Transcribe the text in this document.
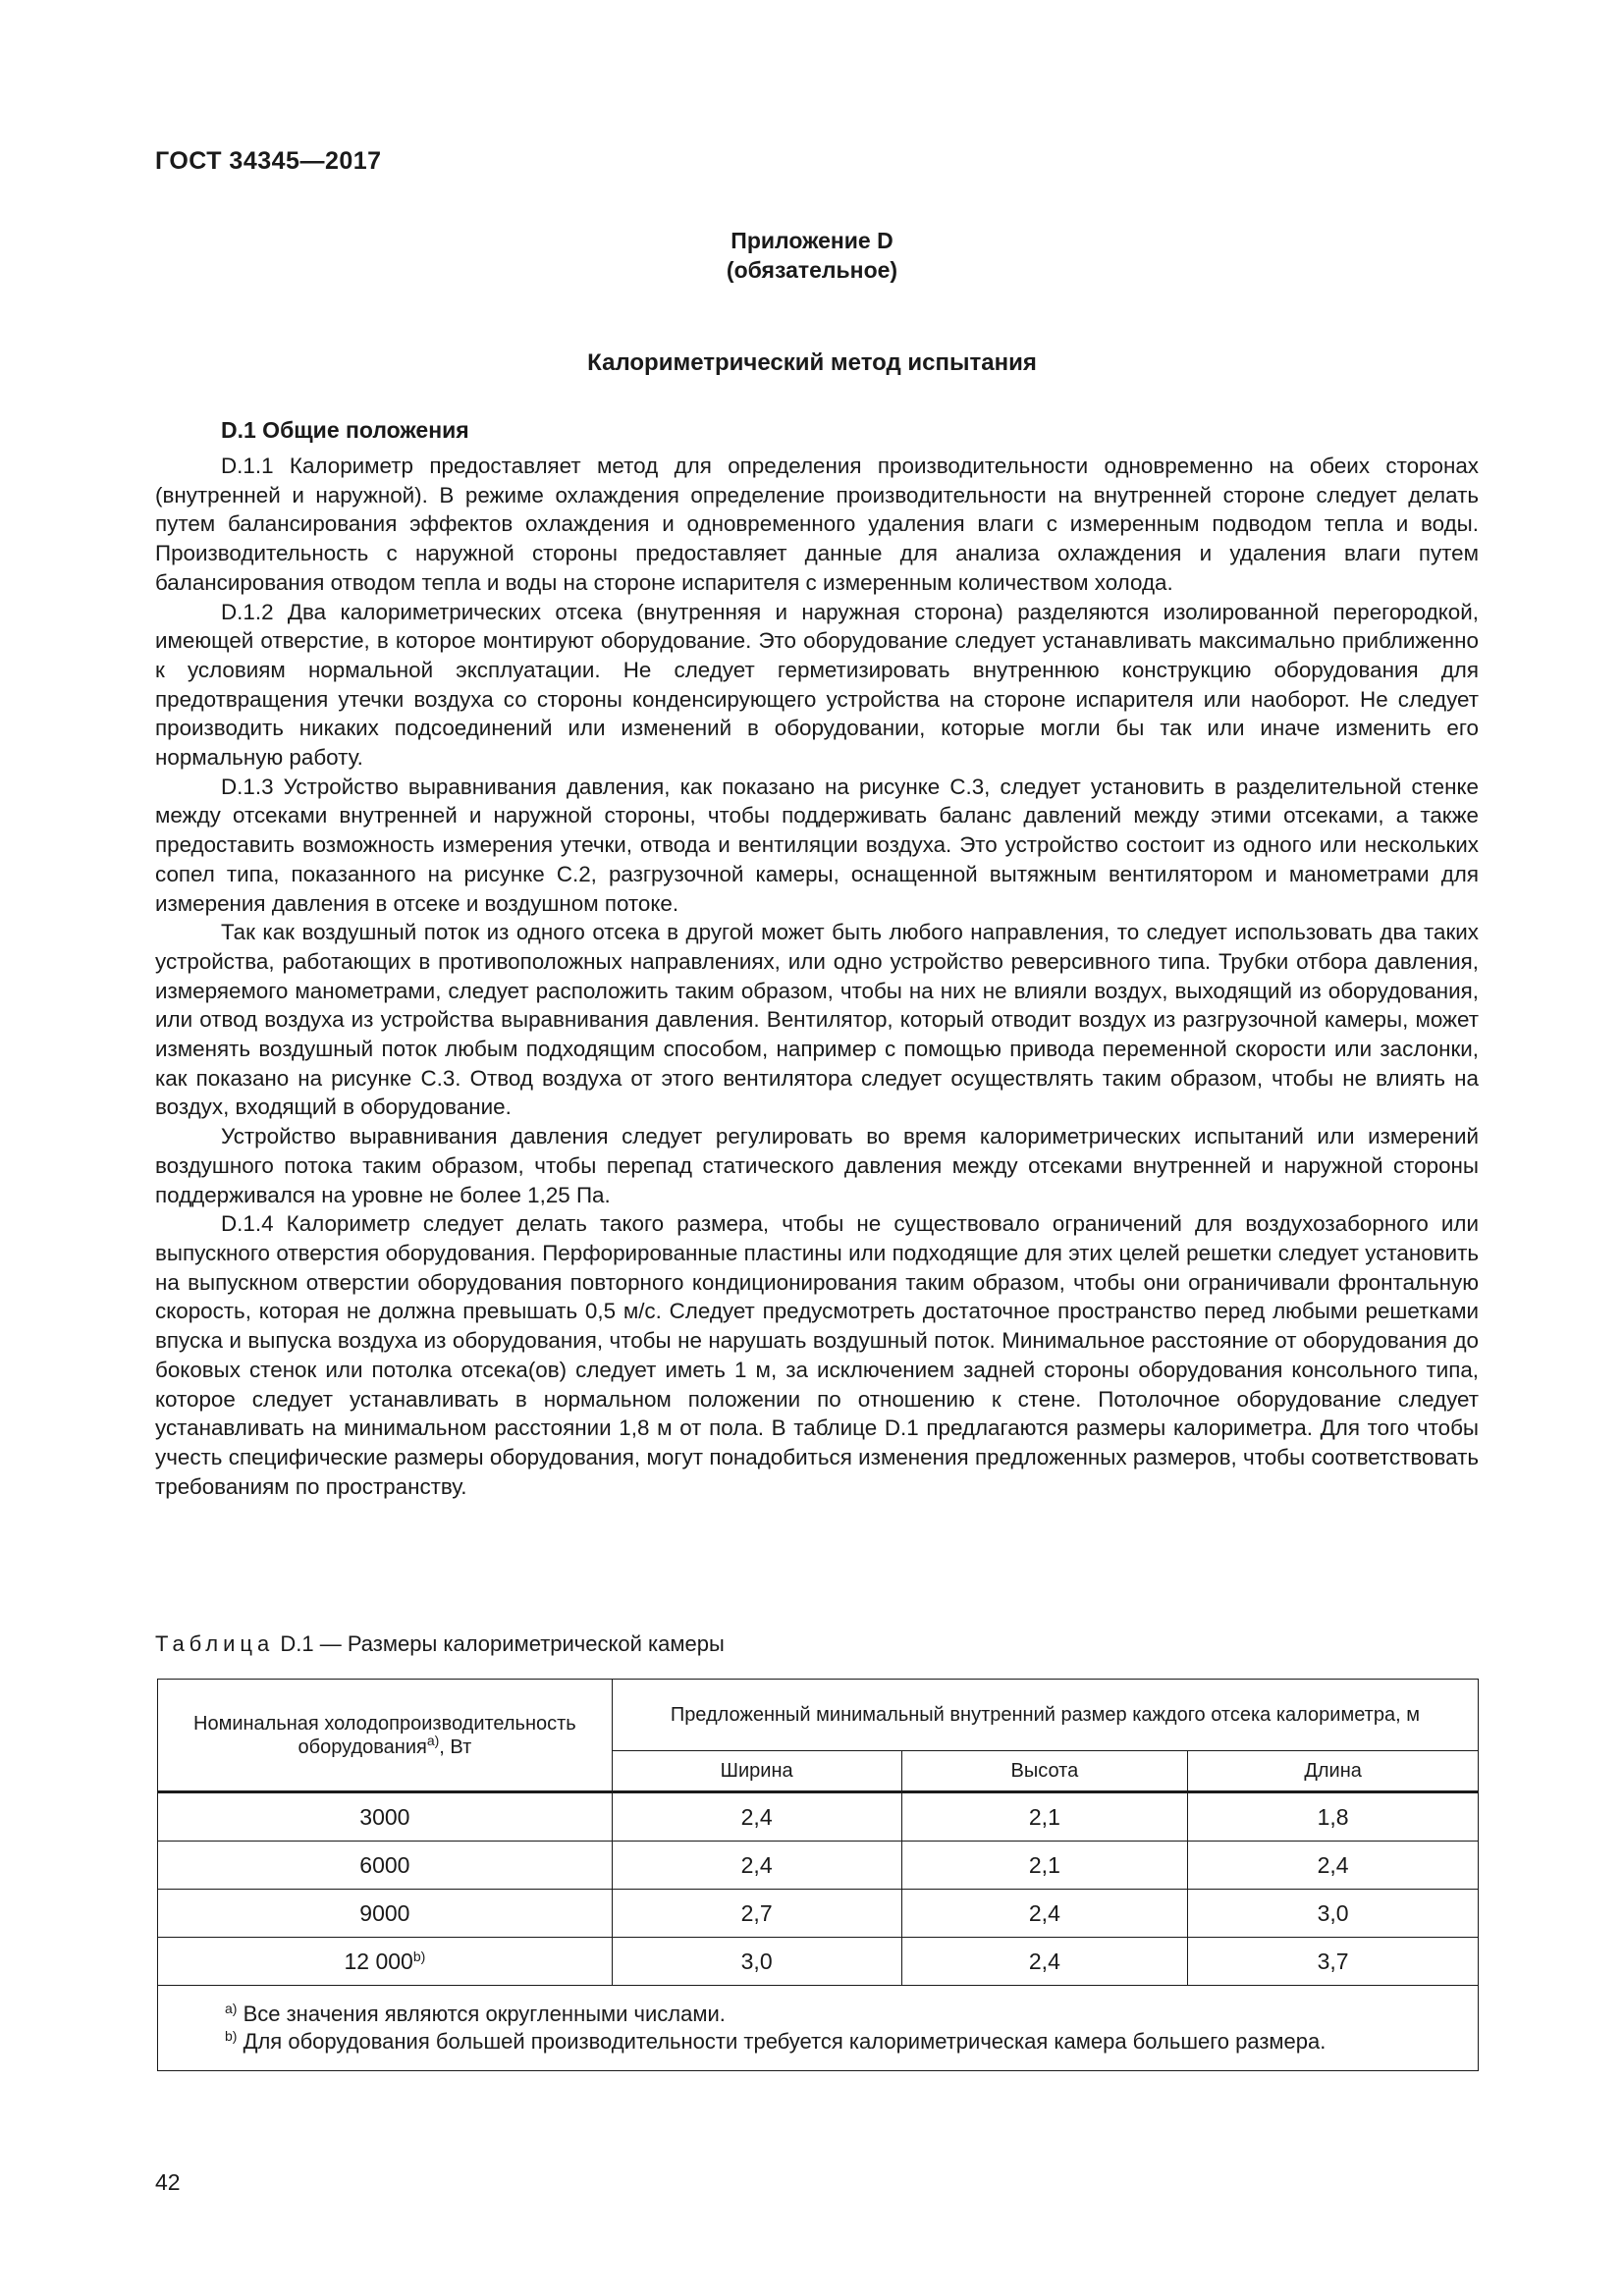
ГОСТ 34345—2017
Приложение D
(обязательное)
Калориметрический метод испытания
D.1 Общие положения

D.1.1 Калориметр предоставляет метод для определения производительности одновременно на обеих сторонах (внутренней и наружной). В режиме охлаждения определение производительности на внутренней стороне следует делать путем балансирования эффектов охлаждения и одновременного удаления влаги с измеренным подводом тепла и воды. Производительность с наружной стороны предоставляет данные для анализа охлаждения и удаления влаги путем балансирования отводом тепла и воды на стороне испарителя с измеренным количеством холода.

D.1.2 Два калориметрических отсека (внутренняя и наружная сторона) разделяются изолированной перегородкой, имеющей отверстие, в которое монтируют оборудование. Это оборудование следует устанавливать максимально приближенно к условиям нормальной эксплуатации. Не следует герметизировать внутреннюю конструкцию оборудования для предотвращения утечки воздуха со стороны конденсирующего устройства на стороне испарителя или наоборот. Не следует производить никаких подсоединений или изменений в оборудовании, которые могли бы так или иначе изменить его нормальную работу.

D.1.3 Устройство выравнивания давления, как показано на рисунке С.3, следует установить в разделительной стенке между отсеками внутренней и наружной стороны, чтобы поддерживать баланс давлений между этими отсеками, а также предоставить возможность измерения утечки, отвода и вентиляции воздуха. Это устройство состоит из одного или нескольких сопел типа, показанного на рисунке С.2, разгрузочной камеры, оснащенной вытяжным вентилятором и манометрами для измерения давления в отсеке и воздушном потоке.

Так как воздушный поток из одного отсека в другой может быть любого направления, то следует использовать два таких устройства, работающих в противоположных направлениях, или одно устройство реверсивного типа. Трубки отбора давления, измеряемого манометрами, следует расположить таким образом, чтобы на них не влияли воздух, выходящий из оборудования, или отвод воздуха из устройства выравнивания давления. Вентилятор, который отводит воздух из разгрузочной камеры, может изменять воздушный поток любым подходящим способом, например с помощью привода переменной скорости или заслонки, как показано на рисунке С.3. Отвод воздуха от этого вентилятора следует осуществлять таким образом, чтобы не влиять на воздух, входящий в оборудование.

Устройство выравнивания давления следует регулировать во время калориметрических испытаний или измерений воздушного потока таким образом, чтобы перепад статического давления между отсеками внутренней и наружной стороны поддерживался на уровне не более 1,25 Па.

D.1.4 Калориметр следует делать такого размера, чтобы не существовало ограничений для воздухозаборного или выпускного отверстия оборудования. Перфорированные пластины или подходящие для этих целей решетки следует установить на выпускном отверстии оборудования повторного кондиционирования таким образом, чтобы они ограничивали фронтальную скорость, которая не должна превышать 0,5 м/с. Следует предусмотреть достаточное пространство перед любыми решетками впуска и выпуска воздуха из оборудования, чтобы не нарушать воздушный поток. Минимальное расстояние от оборудования до боковых стенок или потолка отсека(ов) следует иметь 1 м, за исключением задней стороны оборудования консольного типа, которое следует устанавливать в нормальном положении по отношению к стене. Потолочное оборудование следует устанавливать на минимальном расстоянии 1,8 м от пола. В таблице D.1 предлагаются размеры калориметра. Для того чтобы учесть специфические размеры оборудования, могут понадобиться изменения предложенных размеров, чтобы соответствовать требованиям по пространству.

Таблица D.1 — Размеры калориметрической камеры
Номинальная холодопроизводительность оборудования$^{a)}$, Вт	Предложенный минимальный внутренний размер каждого отсека калориметра, м		
	Ширина	Высота	Длина
3000	2,4	2,1	1,8
6000	2,4	2,1	2,4
9000	2,7	2,4	3,0
12 000$^{b)}$	3,0	2,4	3,7

$^{a)}$ Все значения являются округленными числами.
$^{b)}$ Для оборудования большей производительности требуется калориметрическая камера большего размера.			
42
